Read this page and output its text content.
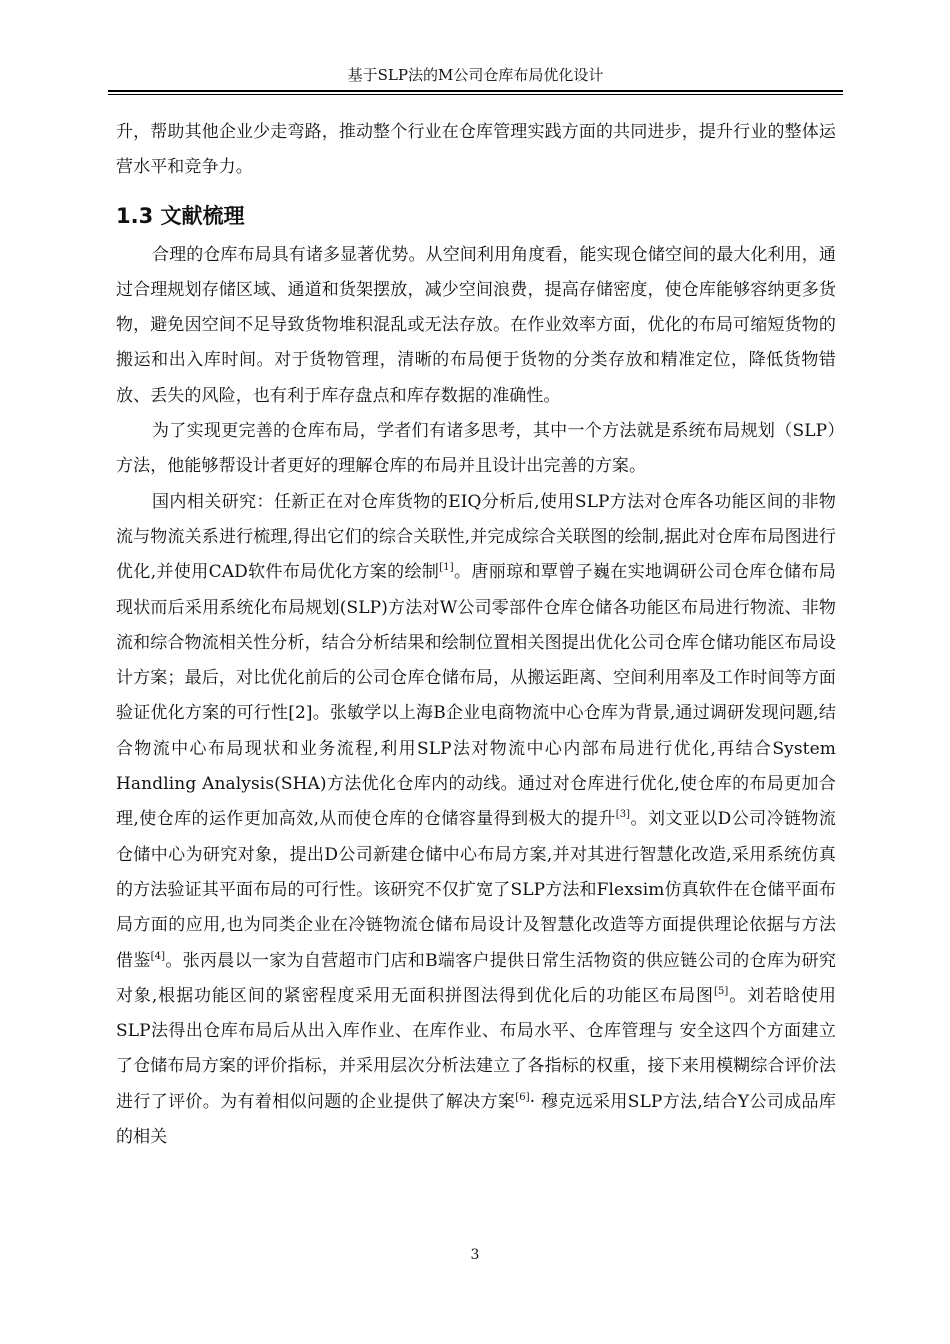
基于SLP法的M公司仓库布局优化设计

升，帮助其他企业少走弯路，推动整个行业在仓库管理实践方面的共同进步，提升行业的整体运营水平和竞争力。

1.3 文献梳理

合理的仓库布局具有诸多显著优势。从空间利用角度看，能实现仓储空间的最大化利用，通过合理规划存储区域、通道和货架摆放，减少空间浪费，提高存储密度，使仓库能够容纳更多货物，避免因空间不足导致货物堆积混乱或无法存放。在作业效率方面，优化的布局可缩短货物的搬运和出入库时间。对于货物管理，清晰的布局便于货物的分类存放和精准定位，降低货物错放、丢失的风险，也有利于库存盘点和库存数据的准确性。

为了实现更完善的仓库布局，学者们有诸多思考，其中一个方法就是系统布局规划（SLP）方法，他能够帮设计者更好的理解仓库的布局并且设计出完善的方案。

国内相关研究：任新正在对仓库货物的EIQ分析后,使用SLP方法对仓库各功能区间的非物流与物流关系进行梳理,得出它们的综合关联性,并完成综合关联图的绘制,据此对仓库布局图进行优化,并使用CAD软件布局优化方案的绘制[1]。唐丽琼和覃曾子巍在实地调研公司仓库仓储布局现状而后采用系统化布局规划(SLP)方法对W公司零部件仓库仓储各功能区布局进行物流、非物流和综合物流相关性分析，结合分析结果和绘制位置相关图提出优化公司仓库仓储功能区布局设计方案；最后，对比优化前后的公司仓库仓储布局，从搬运距离、空间利用率及工作时间等方面验证优化方案的可行性[2]。张敏学以上海B企业电商物流中心仓库为背景,通过调研发现问题,结合物流中心布局现状和业务流程,利用SLP法对物流中心内部布局进行优化,再结合System Handling Analysis(SHA)方法优化仓库内的动线。通过对仓库进行优化,使仓库的布局更加合理,使仓库的运作更加高效,从而使仓库的仓储容量得到极大的提升[3]。刘文亚以D公司冷链物流仓储中心为研究对象，提出D公司新建仓储中心布局方案,并对其进行智慧化改造,采用系统仿真的方法验证其平面布局的可行性。该研究不仅扩宽了SLP方法和Flexsim仿真软件在仓储平面布局方面的应用,也为同类企业在冷链物流仓储布局设计及智慧化改造等方面提供理论依据与方法借鉴[4]。张丙晨以一家为自营超市门店和B端客户提供日常生活物资的供应链公司的仓库为研究对象,根据功能区间的紧密程度采用无面积拼图法得到优化后的功能区布局图[5]。刘若晗使用SLP法得出仓库布局后从出入库作业、在库作业、布局水平、仓库管理与 安全这四个方面建立了仓储布局方案的评价指标，并采用层次分析法建立了各指标的权重，接下来用模糊综合评价法进行了评价。为有着相似问题的企业提供了解决方案[6]· 穆克远采用SLP方法,结合Y公司成品库的相关

3
